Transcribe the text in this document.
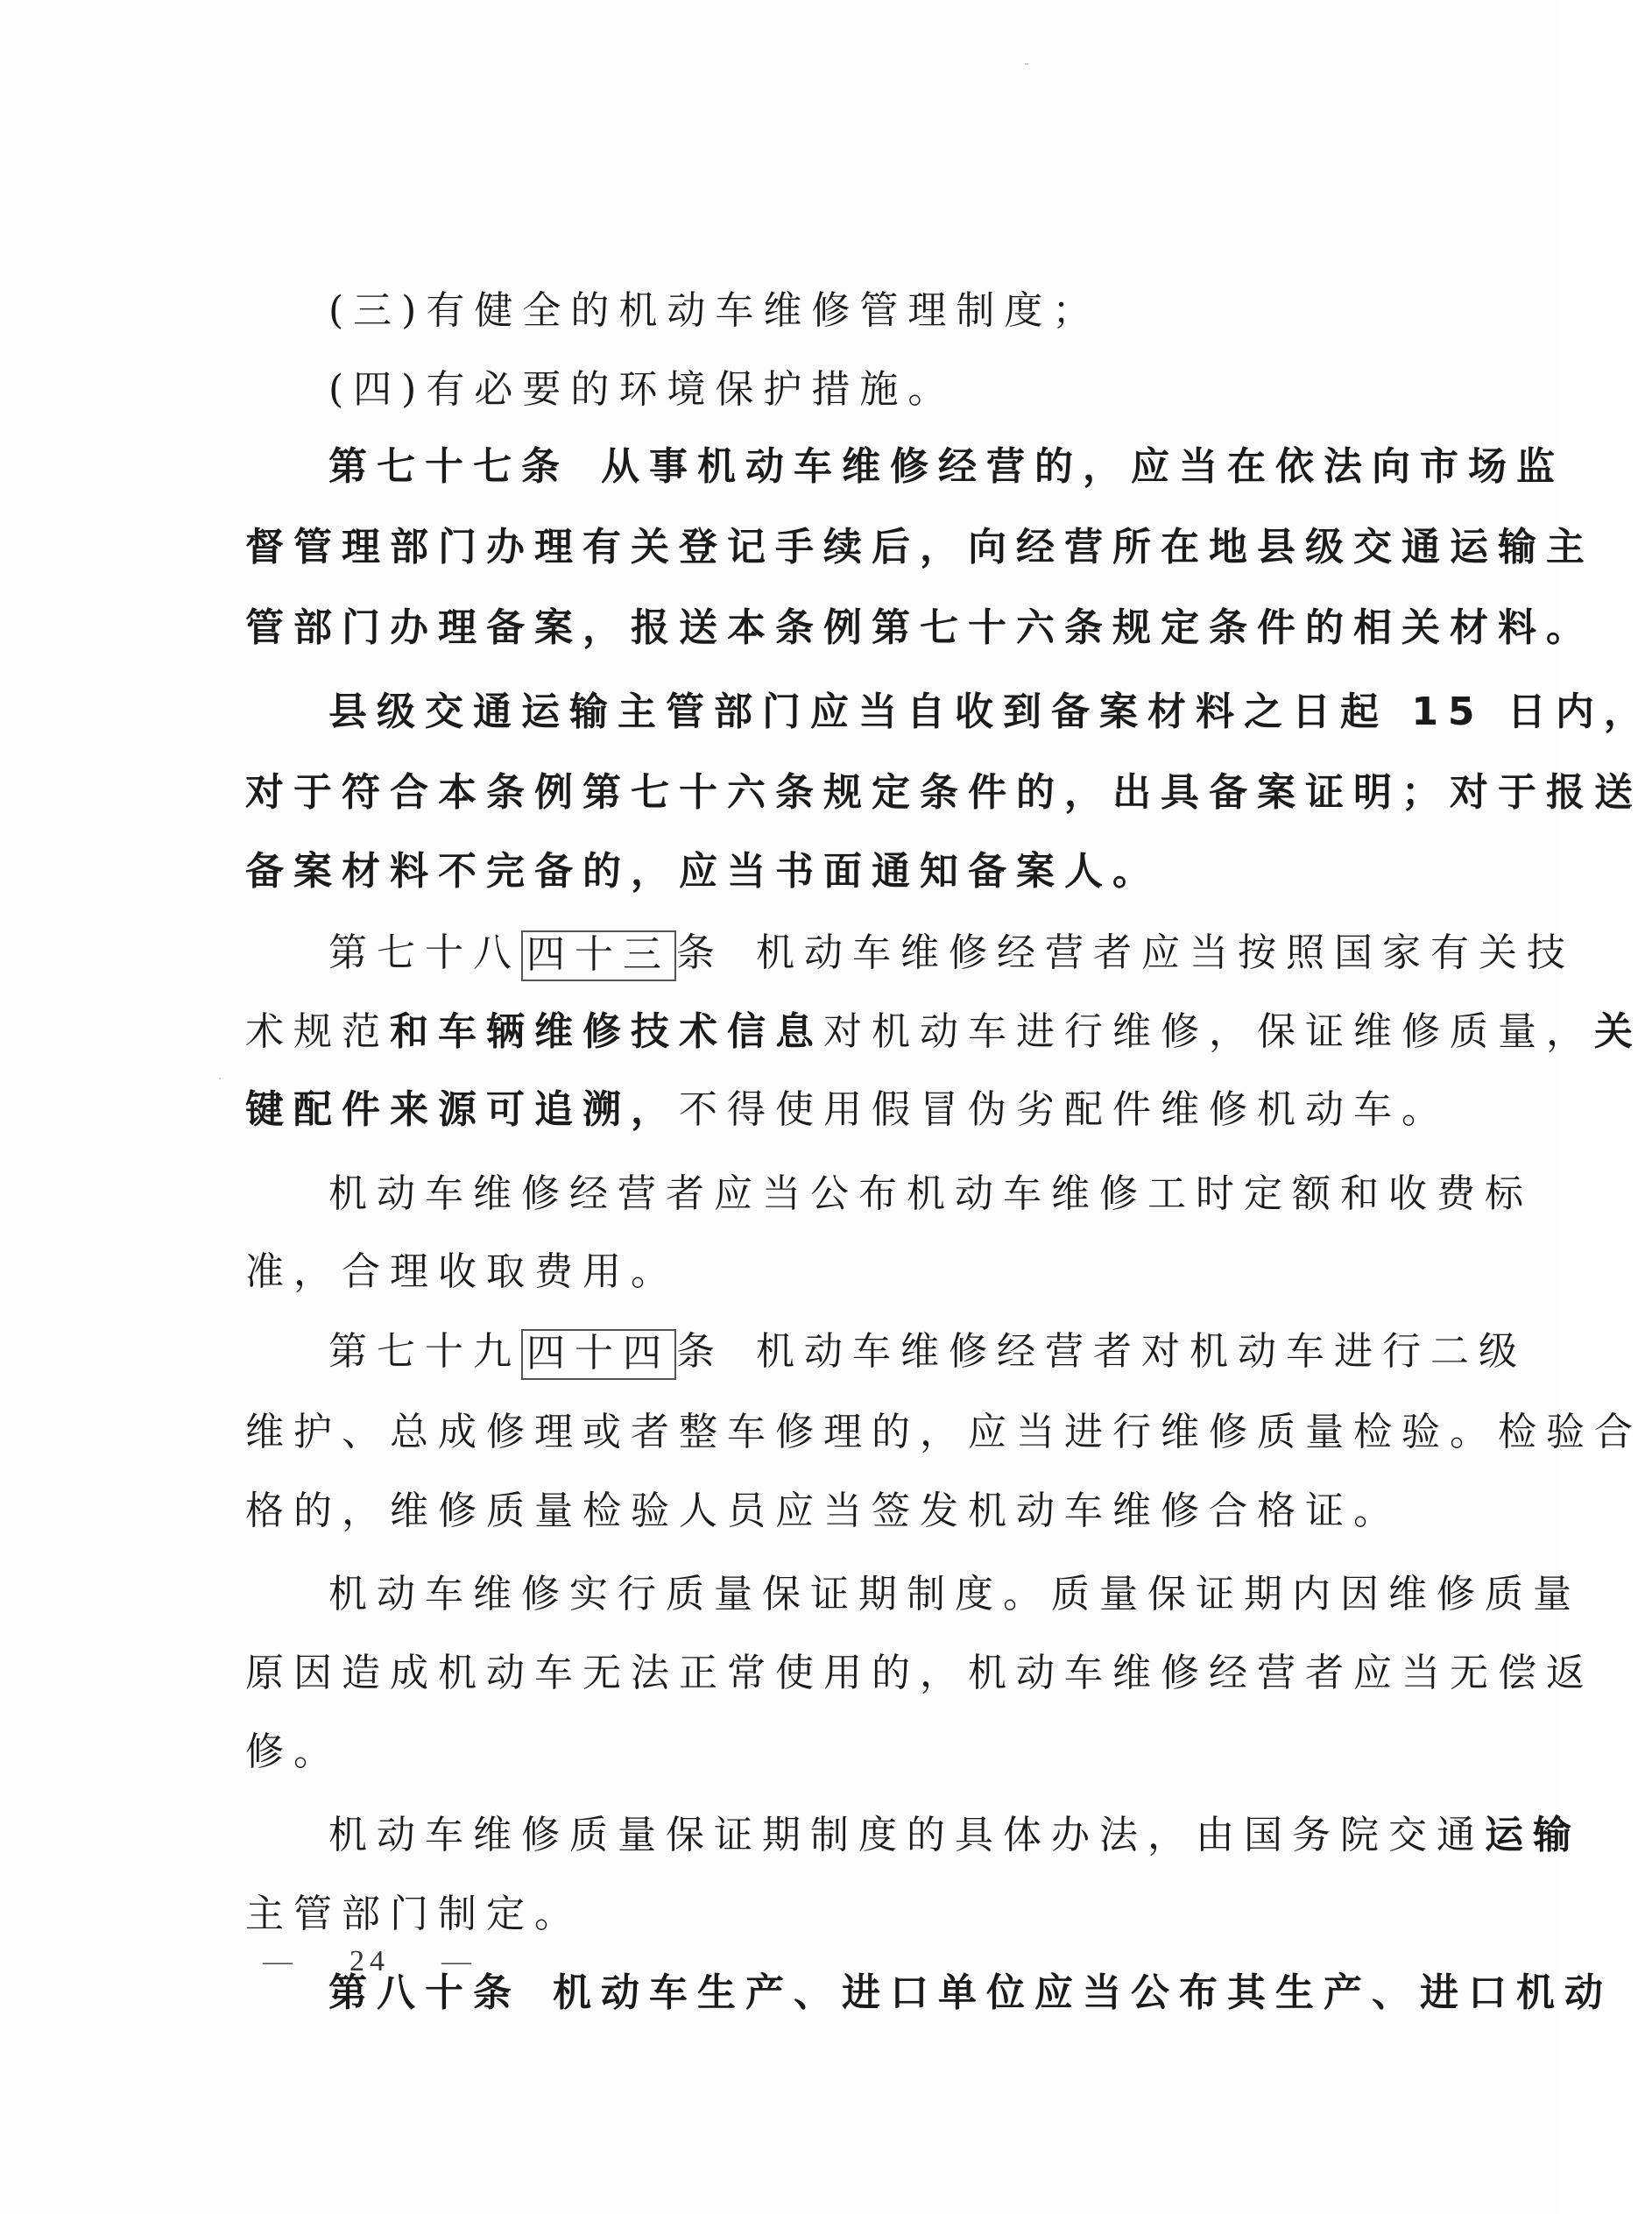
(三)有健全的机动车维修管理制度；
(四)有必要的环境保护措施。
第七十七条 从事机动车维修经营的，应当在依法向市场监
督管理部门办理有关登记手续后，向经营所在地县级交通运输主
管部门办理备案，报送本条例第七十六条规定条件的相关材料。
县级交通运输主管部门应当自收到备案材料之日起 15 日内，
对于符合本条例第七十六条规定条件的，出具备案证明；对于报送
备案材料不完备的，应当书面通知备案人。
第七十八 四十三 条 机动车维修经营者应当按照国家有关技
术规范和车辆维修技术信息对机动车进行维修，保证维修质量，关
键配件来源可追溯，不得使用假冒伪劣配件维修机动车。
机动车维修经营者应当公布机动车维修工时定额和收费标
准，合理收取费用。
第七十九 四十四 条 机动车维修经营者对机动车进行二级
维护、总成修理或者整车修理的，应当进行维修质量检验。检验合
格的，维修质量检验人员应当签发机动车维修合格证。
机动车维修实行质量保证期制度。质量保证期内因维修质量
原因造成机动车无法正常使用的，机动车维修经营者应当无偿返
修。
机动车维修质量保证期制度的具体办法，由国务院交通运输
主管部门制定。
第八十条 机动车生产、进口单位应当公布其生产、进口机动
— 24 —
